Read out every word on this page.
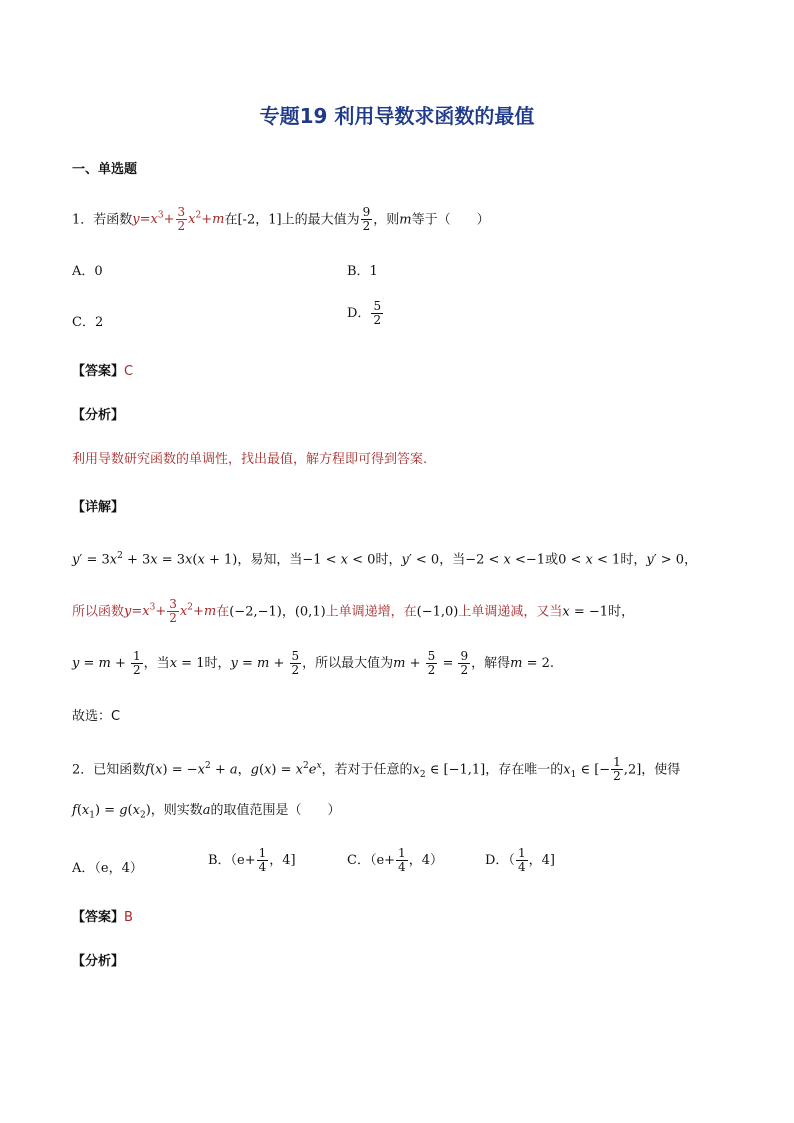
专题19 利用导数求函数的最值
一、单选题
1．若函数$y=x^3+ \frac{3}{2} x^2+m$在[-2，1]上的最大值为 $\frac{9}{2}$ ，则m等于（　　）
A．0	B．1
C．2
D． $\frac{5}{2}$
【答案】C
【分析】
利用导数研究函数的单调性，找出最值，解方程即可得到答案.
【详解】
$y' = 3x^2 + 3x = 3x(x + 1)$，易知，当−1 < x < 0时，y′ < 0，当−2 < x <−1或0 < x < 1时，y′ > 0，
所以函数$y=x^3+ \frac{3}{2} x^2+m$在(−2,−1)，(0,1)上单调递增，在(−1,0)上单调递减，又当x = −1时，
$y = m + \frac{1}{2}$ ，当x = 1时，$y = m + \frac{5}{2}$ ，所以最大值为$m + \frac{5}{2} = \frac{9}{2}$ ，解得m = 2.
故选：C
2．已知函数$f(x) = -x^2 + a$，$g(x) = x^2e^x$，若对于任意的$x_2$ ∈ [−1,1]，存在唯一的$x_1$ ∈ [− $\frac{1}{2} ,2$]，使得
$f(x_1) = g(x_2)$，则实数a的取值范围是（　　）
A．（e，4）
B．（$e+ \frac{1}{4}$ ，4]	C．（$e+ \frac{1}{4}$ ，4）	D．（ $\frac{1}{4}$ ，4]
【答案】B
【分析】
